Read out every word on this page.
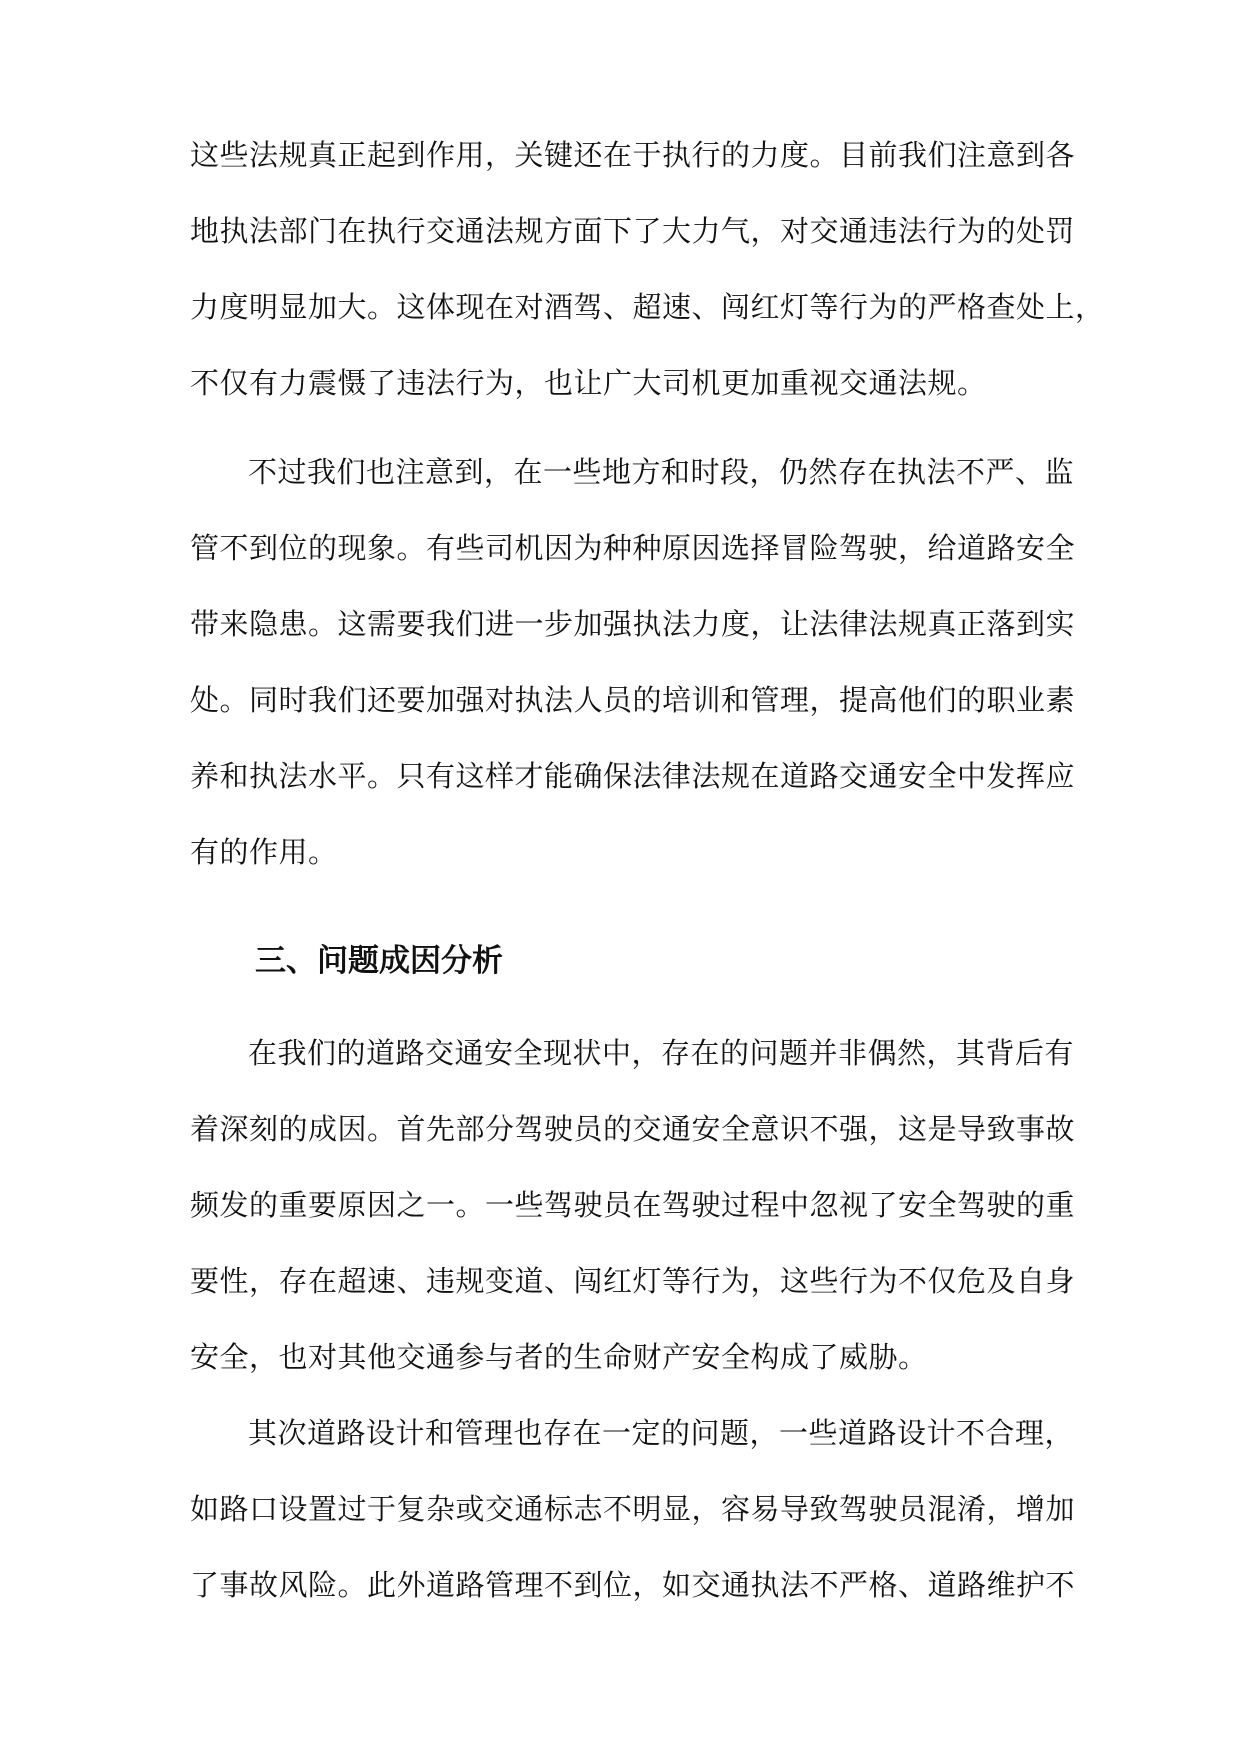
这些法规真正起到作用，关键还在于执行的力度。目前我们注意到各

地执法部门在执行交通法规方面下了大力气，对交通违法行为的处罚

力度明显加大。这体现在对酒驾、超速、闯红灯等行为的严格查处上，

不仅有力震慑了违法行为，也让广大司机更加重视交通法规。

不过我们也注意到，在一些地方和时段，仍然存在执法不严、监

管不到位的现象。有些司机因为种种原因选择冒险驾驶，给道路安全

带来隐患。这需要我们进一步加强执法力度，让法律法规真正落到实

处。同时我们还要加强对执法人员的培训和管理，提高他们的职业素

养和执法水平。只有这样才能确保法律法规在道路交通安全中发挥应

有的作用。

三、问题成因分析

在我们的道路交通安全现状中，存在的问题并非偶然，其背后有

着深刻的成因。首先部分驾驶员的交通安全意识不强，这是导致事故

频发的重要原因之一。一些驾驶员在驾驶过程中忽视了安全驾驶的重

要性，存在超速、违规变道、闯红灯等行为，这些行为不仅危及自身

安全，也对其他交通参与者的生命财产安全构成了威胁。

其次道路设计和管理也存在一定的问题，一些道路设计不合理，

如路口设置过于复杂或交通标志不明显，容易导致驾驶员混淆，增加

了事故风险。此外道路管理不到位，如交通执法不严格、道路维护不
